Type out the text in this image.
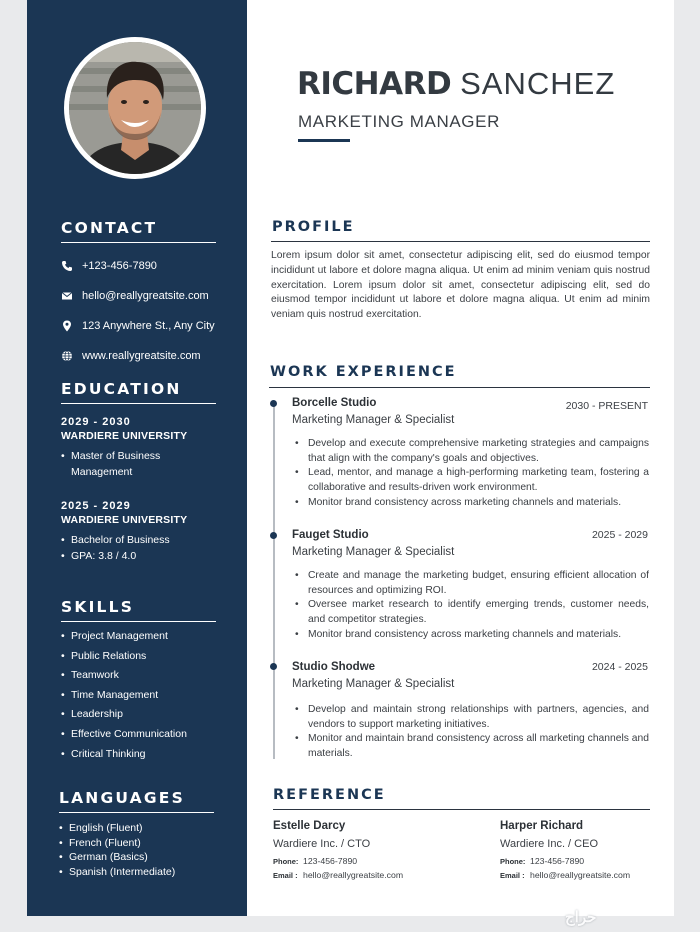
CONTACT
+123-456-7890
hello@reallygreatsite.com
123 Anywhere St., Any City
www.reallygreatsite.com
EDUCATION
2029 - 2030
WARDIERE UNIVERSITY
• Master of Business Management
2025 - 2029
WARDIERE UNIVERSITY
• Bachelor of Business
• GPA: 3.8 / 4.0
SKILLS
• Project Management
• Public Relations
• Teamwork
• Time Management
• Leadership
• Effective Communication
• Critical Thinking
LANGUAGES
• English (Fluent)
• French (Fluent)
• German (Basics)
• Spanish (Intermediate)
RICHARD SANCHEZ
MARKETING MANAGER
PROFILE
Lorem ipsum dolor sit amet, consectetur adipiscing elit, sed do eiusmod tempor incididunt ut labore et dolore magna aliqua. Ut enim ad minim veniam quis nostrud exercitation. Lorem ipsum dolor sit amet, consectetur adipiscing elit, sed do eiusmod tempor incididunt ut labore et dolore magna aliqua. Ut enim ad minim veniam quis nostrud exercitation.
WORK EXPERIENCE
Borcelle Studio	2030 - PRESENT
Marketing Manager & Specialist
• Develop and execute comprehensive marketing strategies and campaigns that align with the company's goals and objectives.
• Lead, mentor, and manage a high-performing marketing team, fostering a collaborative and results-driven work environment.
• Monitor brand consistency across marketing channels and materials.
Fauget Studio	2025 - 2029
Marketing Manager & Specialist
• Create and manage the marketing budget, ensuring efficient allocation of resources and optimizing ROI.
• Oversee market research to identify emerging trends, customer needs, and competitor strategies.
• Monitor brand consistency across marketing channels and materials.
Studio Shodwe	2024 - 2025
Marketing Manager & Specialist
• Develop and maintain strong relationships with partners, agencies, and vendors to support marketing initiatives.
• Monitor and maintain brand consistency across all marketing channels and materials.
REFERENCE
Estelle Darcy
Wardiere Inc. / CTO
Phone: 123-456-7890
Email : hello@reallygreatsite.com
Harper Richard
Wardiere Inc. / CEO
Phone: 123-456-7890
Email : hello@reallygreatsite.com
حراج
